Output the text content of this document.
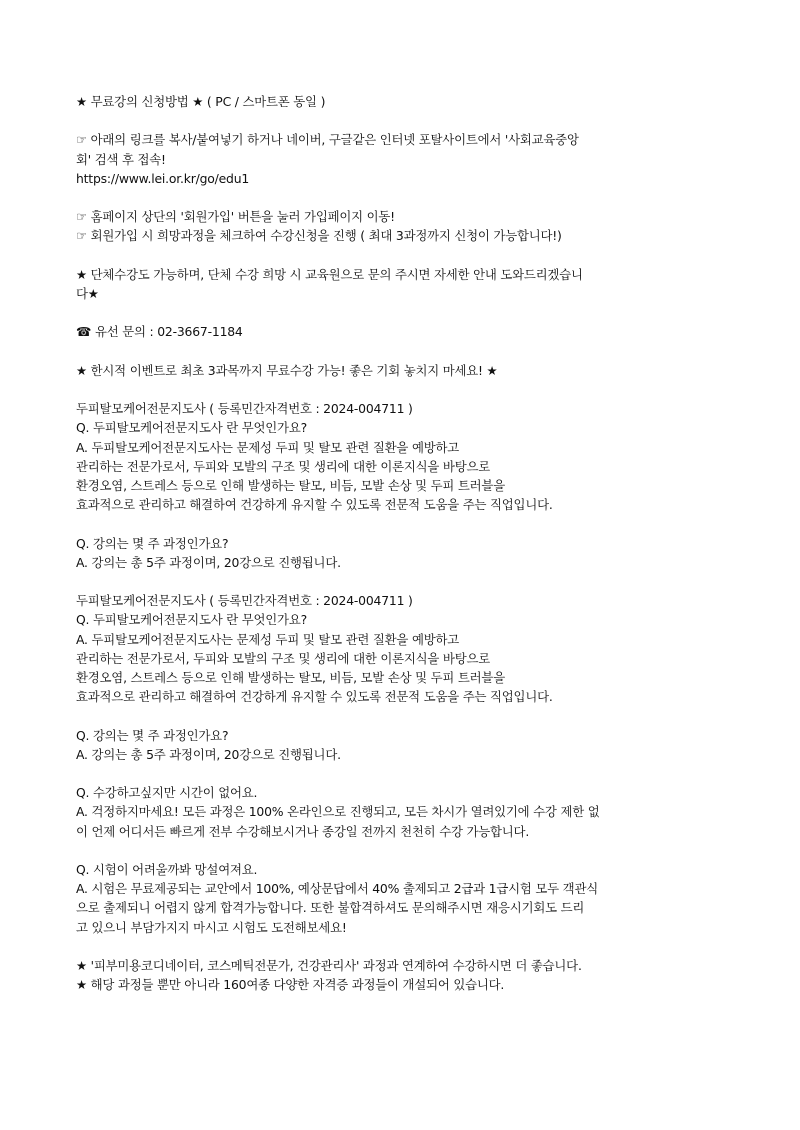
★ 무료강의 신청방법 ★ ( PC / 스마트폰 동일 )
☞ 아래의 링크를 복사/붙여넣기 하거나 네이버, 구글같은 인터넷 포탈사이트에서 '사회교육중앙
회' 검색 후 접속!
https://www.lei.or.kr/go/edu1
☞ 홈페이지 상단의 '회원가입' 버튼을 눌러 가입페이지 이동!
☞ 회원가입 시 희망과정을 체크하여 수강신청을 진행 ( 최대 3과정까지 신청이 가능합니다!)
★ 단체수강도 가능하며, 단체 수강 희망 시 교육원으로 문의 주시면 자세한 안내 도와드리겠습니
다★
☎ 유선 문의 : 02-3667-1184
★ 한시적 이벤트로 최초 3과목까지 무료수강 가능! 좋은 기회 놓치지 마세요! ★
두피탈모케어전문지도사 ( 등록민간자격번호 : 2024-004711 )
Q. 두피탈모케어전문지도사 란 무엇인가요?
A. 두피탈모케어전문지도사는 문제성 두피 및 탈모 관련 질환을 예방하고
관리하는 전문가로서, 두피와 모발의 구조 및 생리에 대한 이론지식을 바탕으로
환경오염, 스트레스 등으로 인해 발생하는 탈모, 비듬, 모발 손상 및 두피 트러블을
효과적으로 관리하고 해결하여 건강하게 유지할 수 있도록 전문적 도움을 주는 직업입니다.
Q. 강의는 몇 주 과정인가요?
A. 강의는 총 5주 과정이며, 20강으로 진행됩니다.
두피탈모케어전문지도사 ( 등록민간자격번호 : 2024-004711 )
Q. 두피탈모케어전문지도사 란 무엇인가요?
A. 두피탈모케어전문지도사는 문제성 두피 및 탈모 관련 질환을 예방하고
관리하는 전문가로서, 두피와 모발의 구조 및 생리에 대한 이론지식을 바탕으로
환경오염, 스트레스 등으로 인해 발생하는 탈모, 비듬, 모발 손상 및 두피 트러블을
효과적으로 관리하고 해결하여 건강하게 유지할 수 있도록 전문적 도움을 주는 직업입니다.
Q. 강의는 몇 주 과정인가요?
A. 강의는 총 5주 과정이며, 20강으로 진행됩니다.
Q. 수강하고싶지만 시간이 없어요.
A. 걱정하지마세요! 모든 과정은 100% 온라인으로 진행되고, 모든 차시가 열려있기에 수강 제한 없
이 언제 어디서든 빠르게 전부 수강해보시거나 종강일 전까지 천천히 수강 가능합니다.
Q. 시험이 어려울까봐 망설여져요.
A. 시험은 무료제공되는 교안에서 100%, 예상문답에서 40% 출제되고 2급과 1급시험 모두 객관식
으로 출제되니 어렵지 않게 합격가능합니다. 또한 불합격하셔도 문의해주시면 재응시기회도 드리
고 있으니 부담가지지 마시고 시험도 도전해보세요!
★ '피부미용코디네이터, 코스메틱전문가, 건강관리사' 과정과 연계하여 수강하시면 더 좋습니다.
★ 해당 과정들 뿐만 아니라 160여종 다양한 자격증 과정들이 개설되어 있습니다.
